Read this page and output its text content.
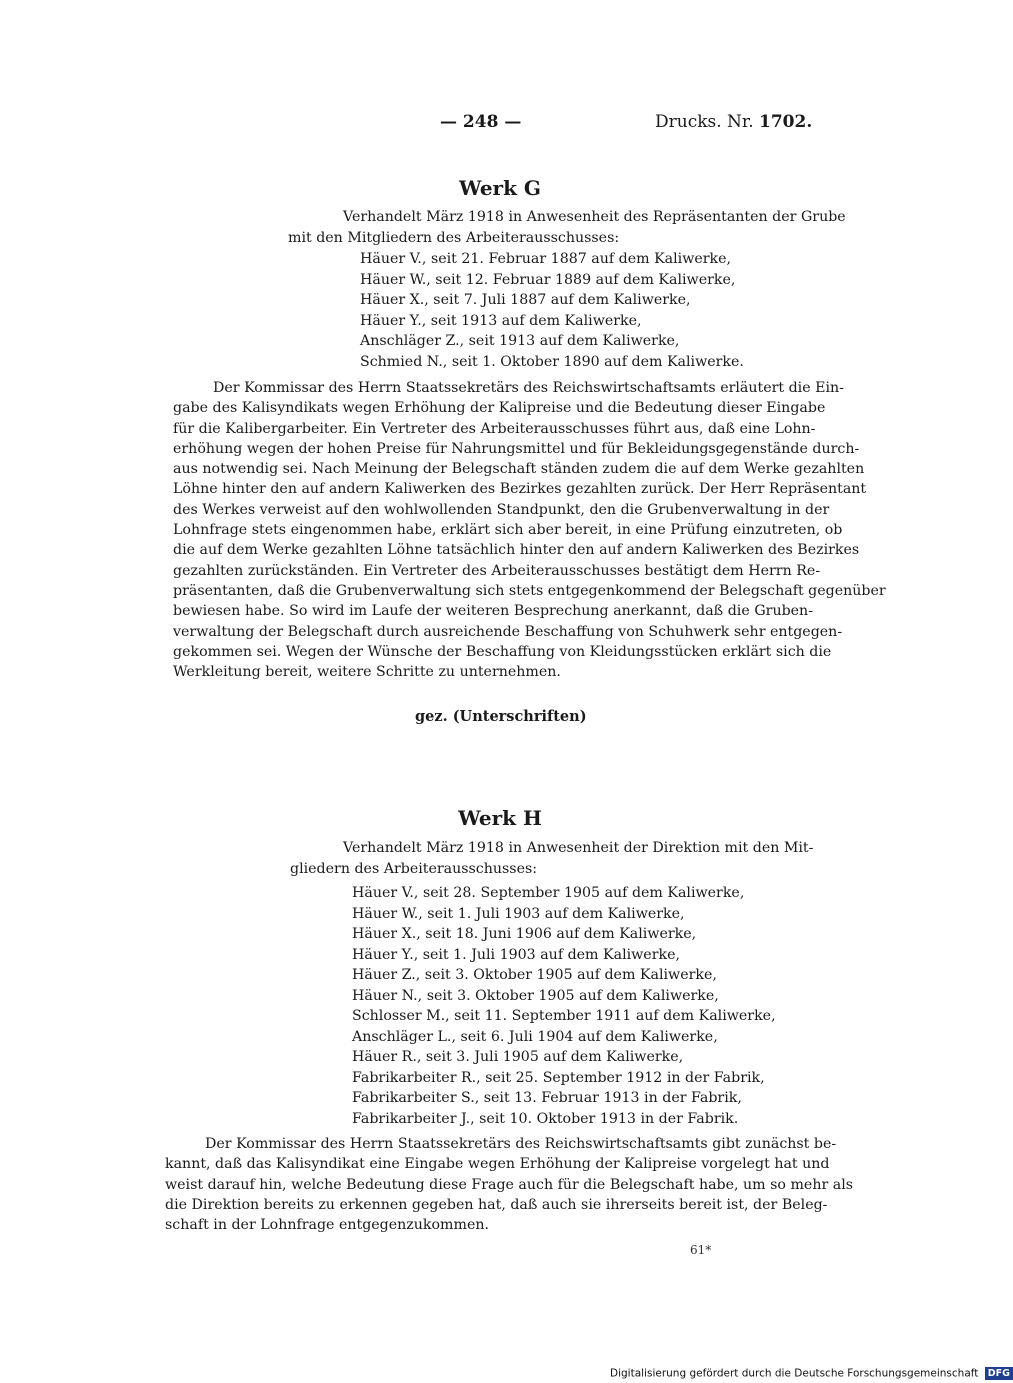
— 248 —	Drucks. Nr. 1702.
Werk G
Verhandelt März 1918 in Anwesenheit des Repräsentanten der Grube
mit den Mitgliedern des Arbeiterausschusses:
Häuer V., seit 21. Februar 1887 auf dem Kaliwerke,
Häuer W., seit 12. Februar 1889 auf dem Kaliwerke,
Häuer X., seit 7. Juli 1887 auf dem Kaliwerke,
Häuer Y., seit 1913 auf dem Kaliwerke,
Anschläger Z., seit 1913 auf dem Kaliwerke,
Schmied N., seit 1. Oktober 1890 auf dem Kaliwerke.
Der Kommissar des Herrn Staatssekretärs des Reichswirtschaftsamts erläutert die Ein-
gabe des Kalisyndikats wegen Erhöhung der Kalipreise und die Bedeutung dieser Eingabe
für die Kalibergarbeiter. Ein Vertreter des Arbeiterausschusses führt aus, daß eine Lohn-
erhöhung wegen der hohen Preise für Nahrungsmittel und für Bekleidungsgegenstände durch-
aus notwendig sei. Nach Meinung der Belegschaft ständen zudem die auf dem Werke gezahlten
Löhne hinter den auf andern Kaliwerken des Bezirkes gezahlten zurück. Der Herr Repräsentant
des Werkes verweist auf den wohlwollenden Standpunkt, den die Grubenverwaltung in der
Lohnfrage stets eingenommen habe, erklärt sich aber bereit, in eine Prüfung einzutreten, ob
die auf dem Werke gezahlten Löhne tatsächlich hinter den auf andern Kaliwerken des Bezirkes
gezahlten zurückständen. Ein Vertreter des Arbeiterausschusses bestätigt dem Herrn Re-
präsentanten, daß die Grubenverwaltung sich stets entgegenkommend der Belegschaft gegenüber
bewiesen habe. So wird im Laufe der weiteren Besprechung anerkannt, daß die Gruben-
verwaltung der Belegschaft durch ausreichende Beschaffung von Schuhwerk sehr entgegen-
gekommen sei. Wegen der Wünsche der Beschaffung von Kleidungsstücken erklärt sich die
Werkleitung bereit, weitere Schritte zu unternehmen.
gez. (Unterschriften)
Werk H
Verhandelt März 1918 in Anwesenheit der Direktion mit den Mit-
gliedern des Arbeiterausschusses:
Häuer V., seit 28. September 1905 auf dem Kaliwerke,
Häuer W., seit 1. Juli 1903 auf dem Kaliwerke,
Häuer X., seit 18. Juni 1906 auf dem Kaliwerke,
Häuer Y., seit 1. Juli 1903 auf dem Kaliwerke,
Häuer Z., seit 3. Oktober 1905 auf dem Kaliwerke,
Häuer N., seit 3. Oktober 1905 auf dem Kaliwerke,
Schlosser M., seit 11. September 1911 auf dem Kaliwerke,
Anschläger L., seit 6. Juli 1904 auf dem Kaliwerke,
Häuer R., seit 3. Juli 1905 auf dem Kaliwerke,
Fabrikarbeiter R., seit 25. September 1912 in der Fabrik,
Fabrikarbeiter S., seit 13. Februar 1913 in der Fabrik,
Fabrikarbeiter J., seit 10. Oktober 1913 in der Fabrik.
Der Kommissar des Herrn Staatssekretärs des Reichswirtschaftsamts gibt zunächst be-
kannt, daß das Kalisyndikat eine Eingabe wegen Erhöhung der Kalipreise vorgelegt hat und
weist darauf hin, welche Bedeutung diese Frage auch für die Belegschaft habe, um so mehr als
die Direktion bereits zu erkennen gegeben hat, daß auch sie ihrerseits bereit ist, der Beleg-
schaft in der Lohnfrage entgegenzukommen.
61*
Digitalisierung gefördert durch die Deutsche Forschungsgemeinschaft DFG
